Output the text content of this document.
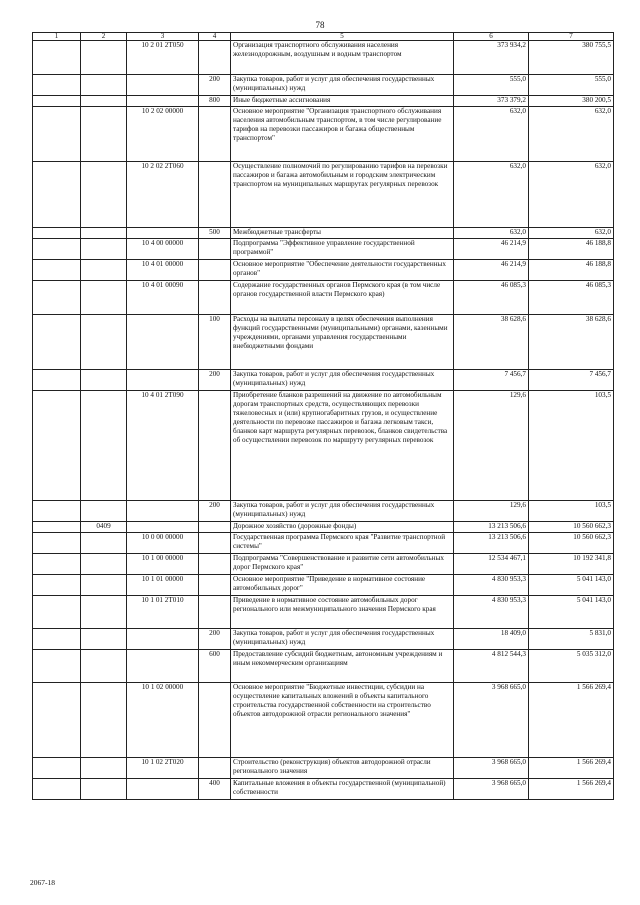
78
1	2	3	4	5	6	7
		10 2 01 2T050		Организация транспортного обслуживания населения железнодорожным, воздушным и водным транспортом	373 934,2	380 755,5
			200	Закупка товаров, работ и услуг для обеспечения государственных (муниципальных) нужд	555,0	555,0
			800	Иные бюджетные ассигнования	373 379,2	380 200,5
		10 2 02 00000		Основное мероприятие "Организация транспортного обслуживания населения автомобильным транспортом, в том числе регулирование тарифов на перевозки пассажиров и багажа общественным транспортом"	632,0	632,0
		10 2 02 2T060		Осуществление полномочий по регулированию тарифов на перевозки пассажиров и багажа автомобильным и городским электрическим транспортом на муниципальных маршрутах регулярных перевозок	632,0	632,0
			500	Межбюджетные трансферты	632,0	632,0
		10 4 00 00000		Подпрограмма "Эффективное управление государственной программой"	46 214,9	46 188,8
		10 4 01 00000		Основное мероприятие "Обеспечение деятельности государственных органов"	46 214,9	46 188,8
		10 4 01 00090		Содержание государственных органов Пермского края (в том числе органов государственной власти Пермского края)	46 085,3	46 085,3
			100	Расходы на выплаты персоналу в целях обеспечения выполнения функций государственными (муниципальными) органами, казенными учреждениями, органами управления государственными внебюджетными фондами	38 628,6	38 628,6
			200	Закупка товаров, работ и услуг для обеспечения государственных (муниципальных) нужд	7 456,7	7 456,7
		10 4 01 2T090		Приобретение бланков разрешений на движение по автомобильным дорогам транспортных средств, осуществляющих перевозки тяжеловесных и (или) крупногабаритных грузов, и осуществление деятельности по перевозке пассажиров и багажа легковым такси, бланков карт маршрута регулярных перевозок, бланков свидетельства об осуществлении перевозок по маршруту регулярных перевозок	129,6	103,5
			200	Закупка товаров, работ и услуг для обеспечения государственных (муниципальных) нужд	129,6	103,5
	0409			Дорожное хозяйство (дорожные фонды)	13 213 506,6	10 560 662,3
		10 0 00 00000		Государственная программа Пермского края "Развитие транспортной системы"	13 213 506,6	10 560 662,3
		10 1 00 00000		Подпрограмма "Совершенствование и развитие сети автомобильных дорог Пермского края"	12 534 467,1	10 192 341,8
		10 1 01 00000		Основное мероприятие "Приведение в нормативное состояние автомобильных дорог"	4 830 953,3	5 041 143,0
		10 1 01 2T010		Приведение в нормативное состояние автомобильных дорог регионального или межмуниципального значения Пермского края	4 830 953,3	5 041 143,0
			200	Закупка товаров, работ и услуг для обеспечения государственных (муниципальных) нужд	18 409,0	5 831,0
			600	Предоставление субсидий бюджетным, автономным учреждениям и иным некоммерческим организациям	4 812 544,3	5 035 312,0
		10 1 02 00000		Основное мероприятие "Бюджетные инвестиции, субсидии на осуществление капитальных вложений в объекты капитального строительства государственной собственности на строительство объектов автодорожной отрасли регионального значения"	3 968 665,0	1 566 269,4
		10 1 02 2T020		Строительство (реконструкция) объектов автодорожной отрасли регионального значения	3 968 665,0	1 566 269,4
			400	Капитальные вложения в объекты государственной (муниципальной) собственности	3 968 665,0	1 566 269,4
2067-18
